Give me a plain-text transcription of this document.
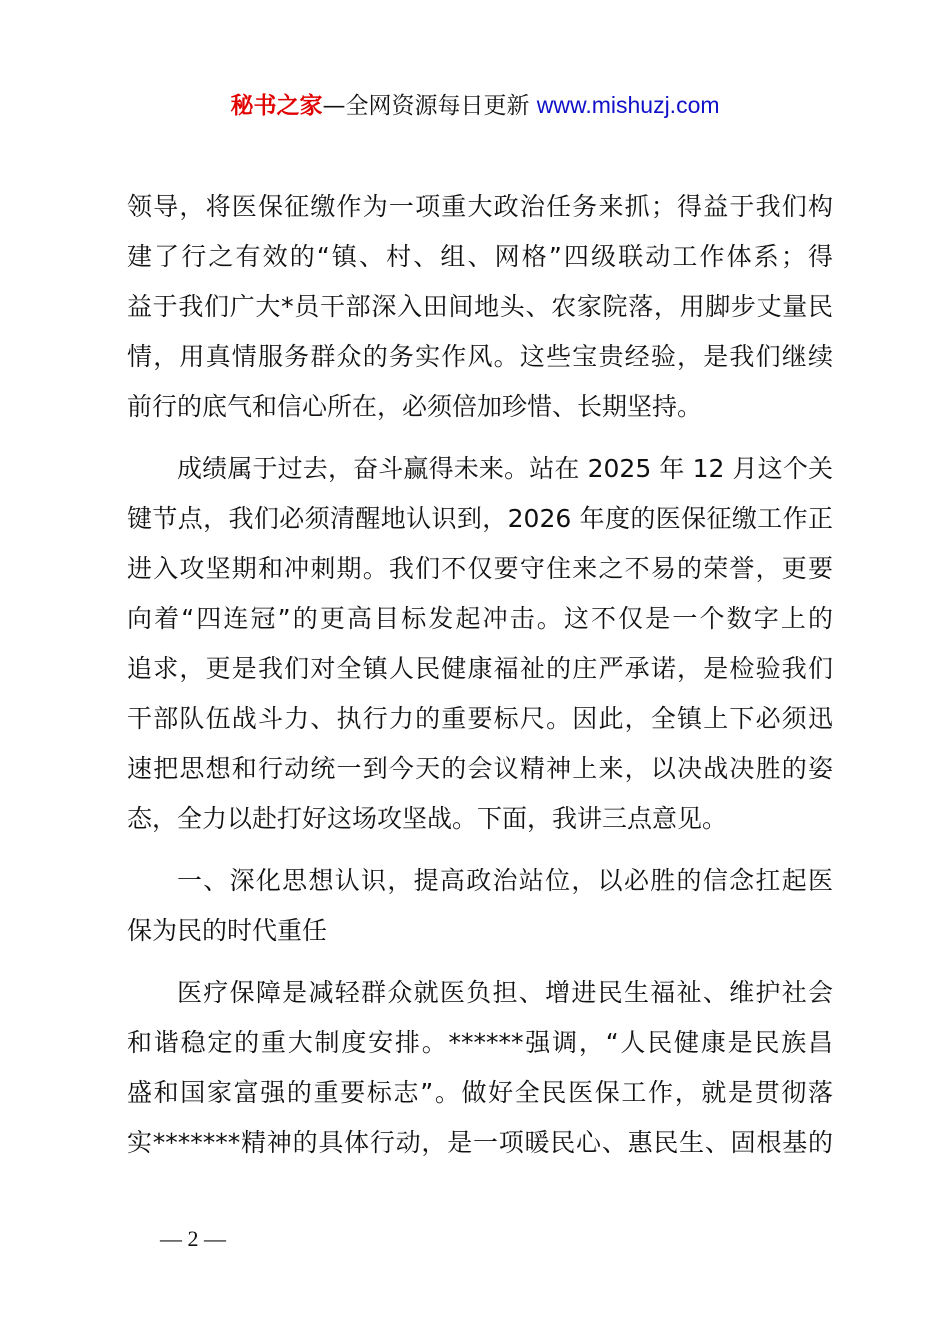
秘书之家—全网资源每日更新 www.mishuzj.com
领导，将医保征缴作为一项重大政治任务来抓；得益于我们构
建了行之有效的“镇、村、组、网格”四级联动工作体系；得
益于我们广大*员干部深入田间地头、农家院落，用脚步丈量民
情，用真情服务群众的务实作风。这些宝贵经验，是我们继续
前行的底气和信心所在，必须倍加珍惜、长期坚持。
成绩属于过去，奋斗赢得未来。站在 2025 年 12 月这个关
键节点，我们必须清醒地认识到，2026 年度的医保征缴工作正
进入攻坚期和冲刺期。我们不仅要守住来之不易的荣誉，更要
向着“四连冠”的更高目标发起冲击。这不仅是一个数字上的
追求，更是我们对全镇人民健康福祉的庄严承诺，是检验我们
干部队伍战斗力、执行力的重要标尺。因此，全镇上下必须迅
速把思想和行动统一到今天的会议精神上来，以决战决胜的姿
态，全力以赴打好这场攻坚战。下面，我讲三点意见。
一、深化思想认识，提高政治站位，以必胜的信念扛起医
保为民的时代重任
医疗保障是减轻群众就医负担、增进民生福祉、维护社会
和谐稳定的重大制度安排。******强调，“人民健康是民族昌
盛和国家富强的重要标志”。做好全民医保工作，就是贯彻落
实*******精神的具体行动，是一项暖民心、惠民生、固根基的
— 2 —
